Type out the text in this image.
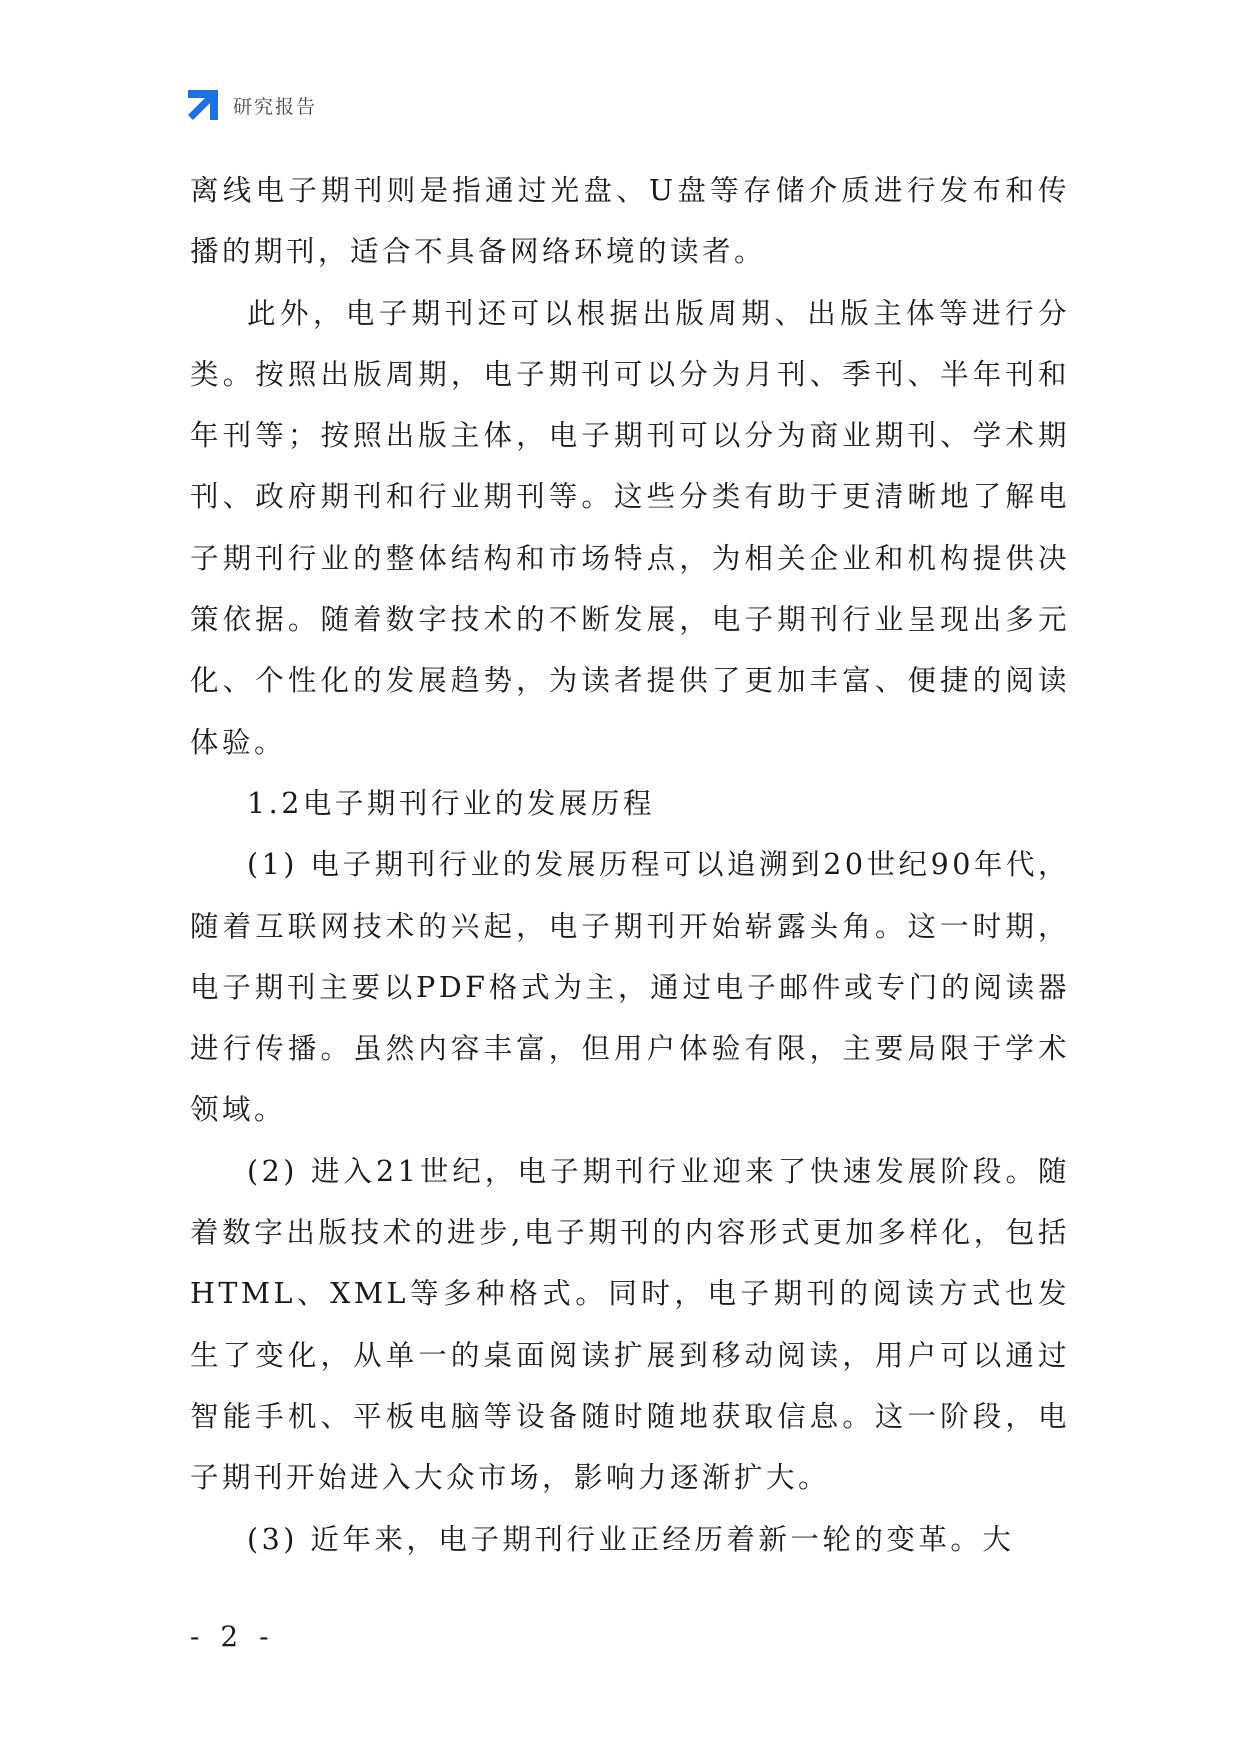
研究报告

离线电子期刊则是指通过光盘、U盘等存储介质进行发布和传播的期刊，适合不具备网络环境的读者。

此外，电子期刊还可以根据出版周期、出版主体等进行分类。按照出版周期，电子期刊可以分为月刊、季刊、半年刊和年刊等；按照出版主体，电子期刊可以分为商业期刊、学术期刊、政府期刊和行业期刊等。这些分类有助于更清晰地了解电子期刊行业的整体结构和市场特点，为相关企业和机构提供决策依据。随着数字技术的不断发展，电子期刊行业呈现出多元化、个性化的发展趋势，为读者提供了更加丰富、便捷的阅读体验。

1.2电子期刊行业的发展历程

(1) 电子期刊行业的发展历程可以追溯到20世纪90年代，随着互联网技术的兴起，电子期刊开始崭露头角。这一时期，电子期刊主要以PDF格式为主，通过电子邮件或专门的阅读器进行传播。虽然内容丰富，但用户体验有限，主要局限于学术领域。

(2) 进入21世纪，电子期刊行业迎来了快速发展阶段。随着数字出版技术的进步,电子期刊的内容形式更加多样化，包括HTML、XML等多种格式。同时，电子期刊的阅读方式也发生了变化，从单一的桌面阅读扩展到移动阅读，用户可以通过智能手机、平板电脑等设备随时随地获取信息。这一阶段，电子期刊开始进入大众市场，影响力逐渐扩大。

(3) 近年来，电子期刊行业正经历着新一轮的变革。大

- 2 -
